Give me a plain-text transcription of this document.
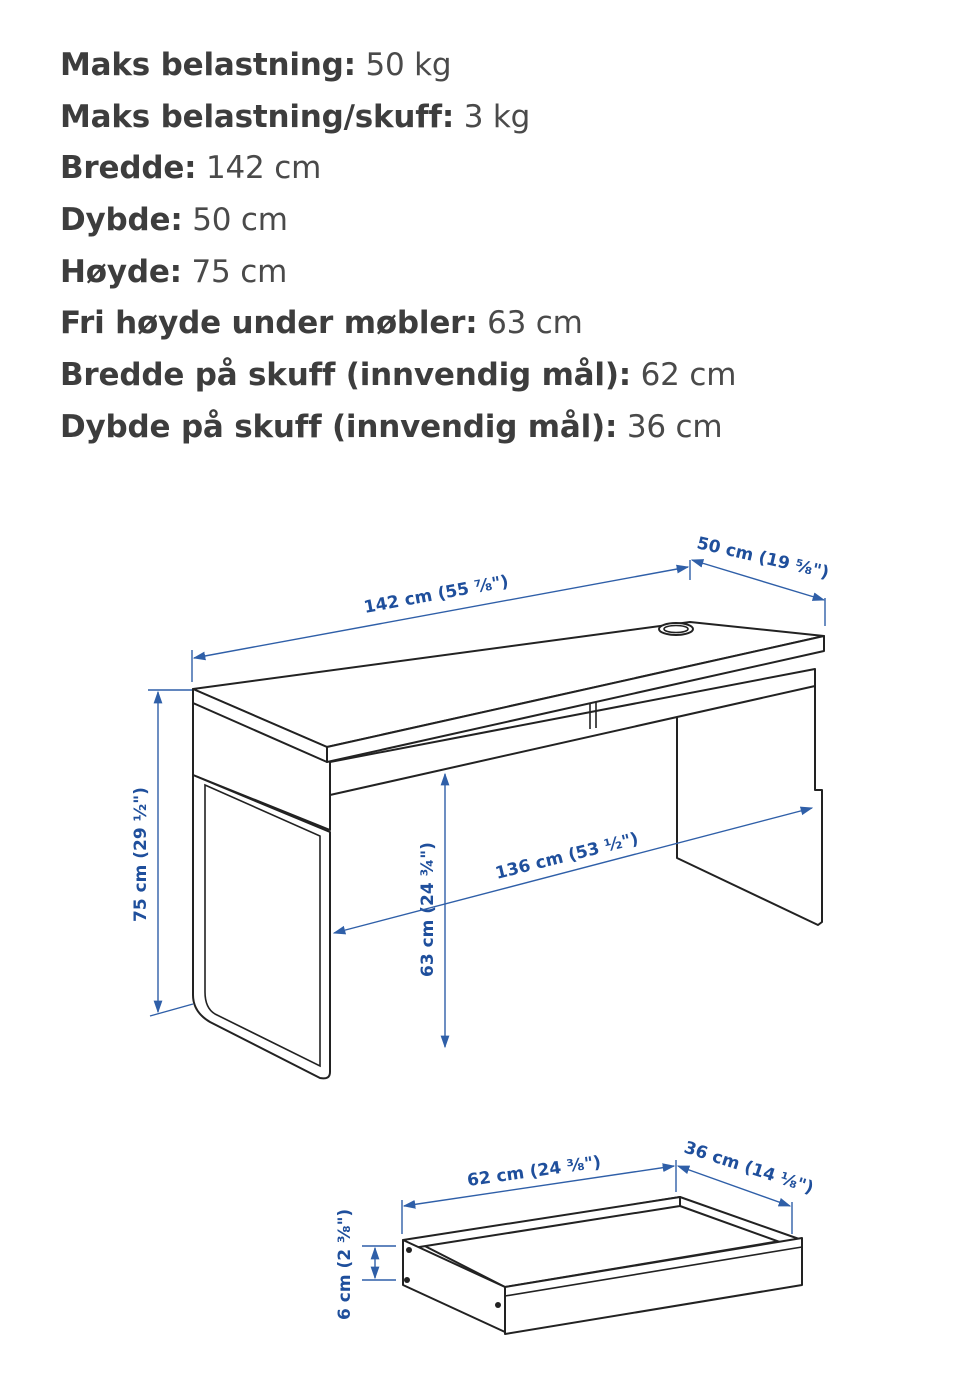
Maks belastning: 50 kg
Maks belastning/skuff: 3 kg
Bredde: 142 cm
Dybde: 50 cm
Høyde: 75 cm
Fri høyde under møbler: 63 cm
Bredde på skuff (innvendig mål): 62 cm
Dybde på skuff (innvendig mål): 36 cm
142 cm (55 ⅞")
50 cm (19 ⅝")
75 cm (29 ½")	63 cm (24 ¾")	136 cm (53 ½")
62 cm (24 ⅜")	36 cm (14 ⅛")
6 cm (2 ⅜")
